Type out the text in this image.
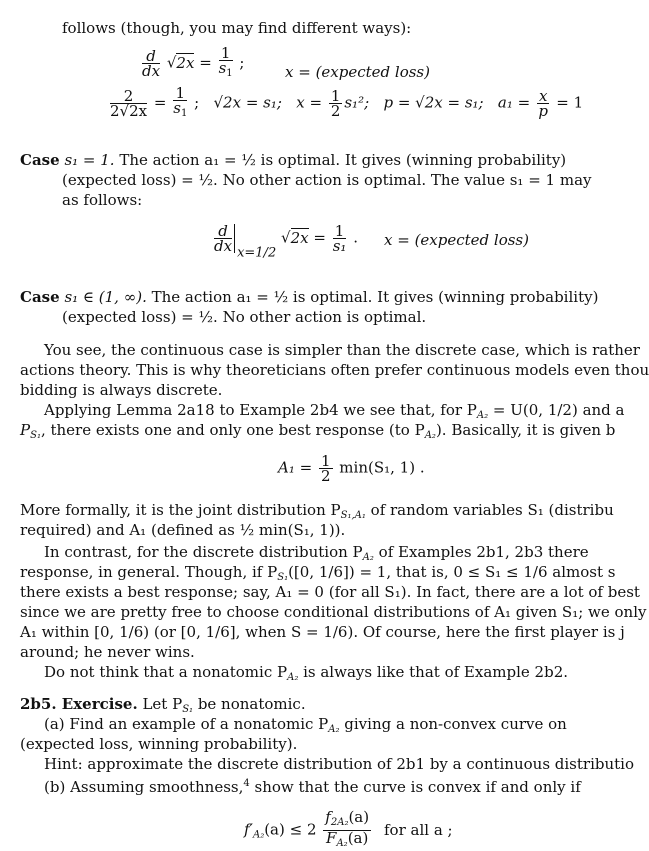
follows (though, you may find different ways):
$\frac{d}{dx} √2x = \frac{1}{s_1}$ ;
x = (expected loss)
$\frac{2}{2√2x} = \frac{1}{s_1}$ ; √2x = s₁; $x = \frac{1}{2} s_1^2$; p = √2x = s₁; $a_1 = \frac{x}{p} = 1$
Case s₁ = 1. The action a₁ = ½ is optimal. It gives (winning probability)
(expected loss) = ½. No other action is optimal. The value s₁ = 1 may
as follows:
$\frac{d}{dx} x=1/2$ $√2x = \frac{1}{\text{s₁}}$ . x = (expected loss)
Case s₁ ∈ (1, ∞). The action a₁ = ½ is optimal. It gives (winning probability)
(expected loss) = ½. No other action is optimal.
You see, the continuous case is simpler than the discrete case, which is rather
actions theory. This is why theoreticians often prefer continuous models even thou
bidding is always discrete.
Applying Lemma 2a18 to Example 2b4 we see that, for $P_{A_2} = U(0$, 1/2) and a
$P_{S_1}$, there exists one and only one best response (to $P_{A_2}$). Basically, it is given b
$A_1 = \frac{1}{2} \min(S_1$, 1) .
More formally, it is the joint distribution $P_{S_1,A_1}$ of random variables S₁ (distribu
required) and A₁ (defined as ½ min(S₁, 1)).
In contrast, for the discrete distribution $P_{A_2}$ of Examples 2b1, 2b3 there
response, in general. Though, if $P_{S_1}([0$, 1/6]) = 1, that is, 0 ≤ S₁ ≤ 1/6 almost s
there exists a best response; say, A₁ = 0 (for all S₁). In fact, there are a lot of best
since we are pretty free to choose conditional distributions of A₁ given S₁; we only
A₁ within [0, 1/6) (or [0, 1/6], when S = 1/6). Of course, here the first player is j
around; he never wins.
Do not think that a nonatomic $P_{A_2}$ is always like that of Example 2b2.
2b5. Exercise. Let $P_{S_1}$ be nonatomic.
(a) Find an example of a nonatomic $P_{A_2}$ giving a non-convex curve on
(expected loss, winning probability).
Hint: approximate the discrete distribution of 2b1 by a continuous distributio
(b) Assuming smoothness,$^4$ show that the curve is convex if and only if
$f'_{A_2}(a) \le 2 \frac{f_{2A_2}(a)}{F_{A_2}(a)}$ for all a ;
